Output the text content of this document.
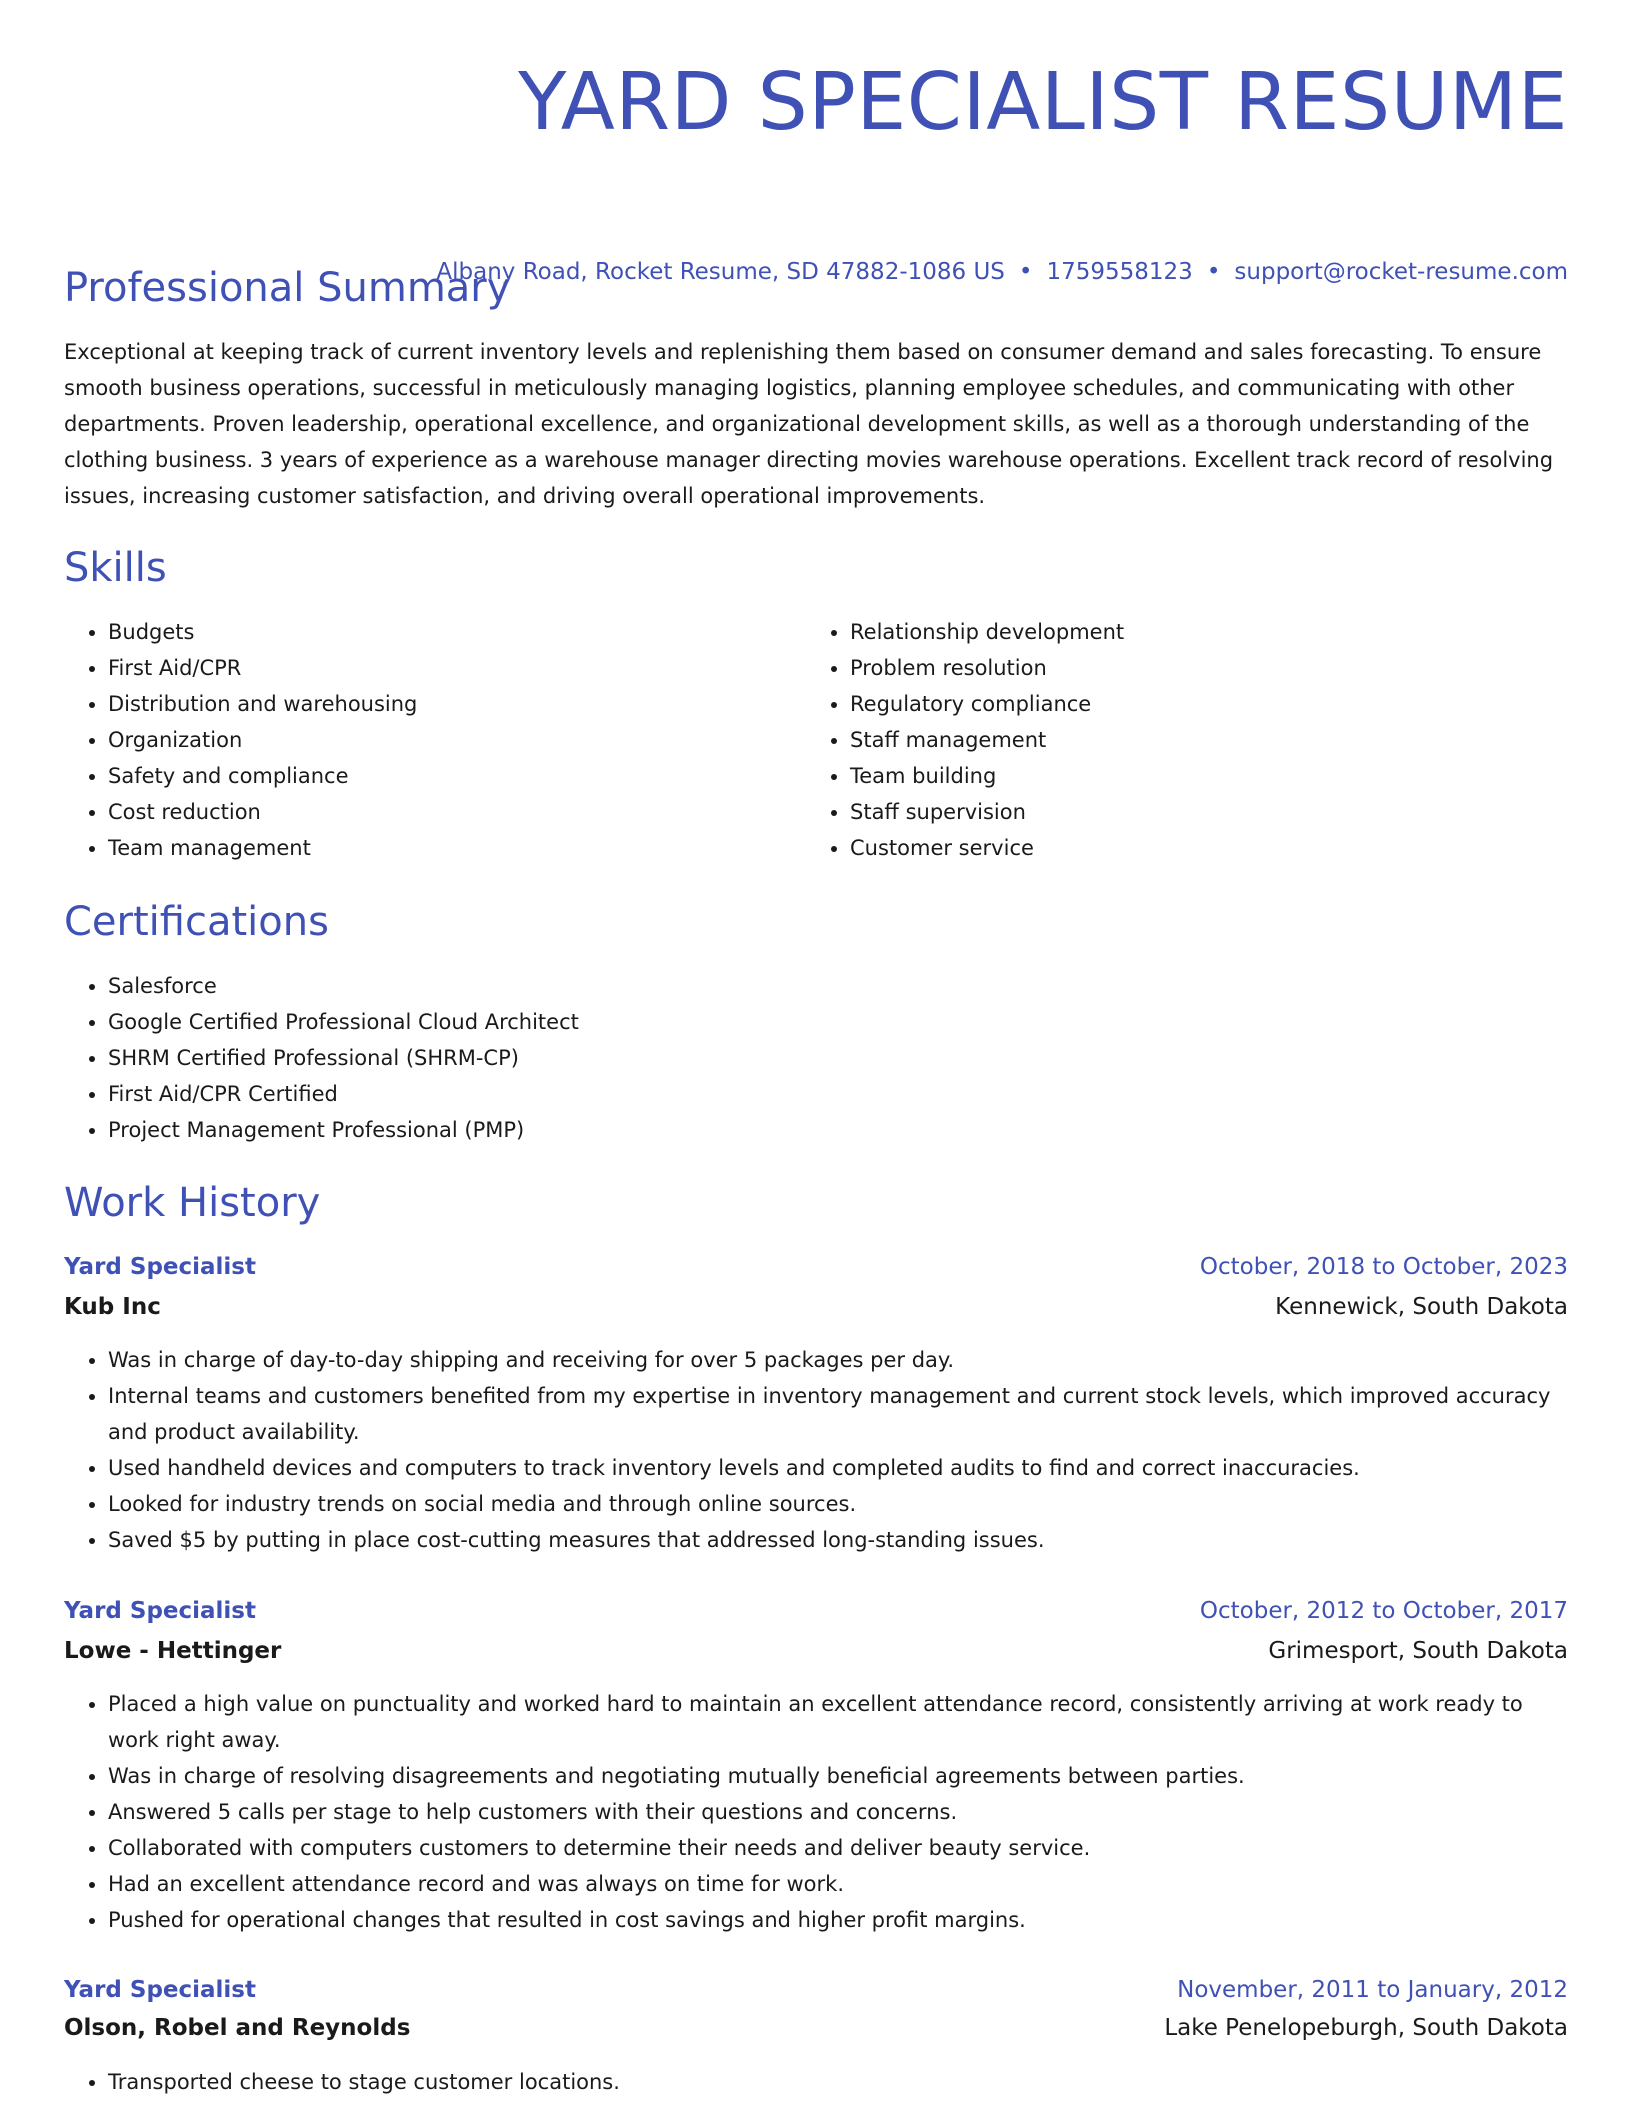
YARD SPECIALIST RESUME
Albany Road, Rocket Resume, SD 47882-1086 US • 1759558123 • support@rocket-resume.com
Professional Summary

Exceptional at keeping track of current inventory levels and replenishing them based on consumer demand and sales forecasting. To ensure smooth business operations, successful in meticulously managing logistics, planning employee schedules, and communicating with other departments. Proven leadership, operational excellence, and organizational development skills, as well as a thorough understanding of the clothing business. 3 years of experience as a warehouse manager directing movies warehouse operations. Excellent track record of resolving issues, increasing customer satisfaction, and driving overall operational improvements.

Skills
• Budgets
• First Aid/CPR
• Distribution and warehousing
• Organization
• Safety and compliance
• Cost reduction
• Team management
• Relationship development
• Problem resolution
• Regulatory compliance
• Staff management
• Team building
• Staff supervision
• Customer service
Certifications
• Salesforce
• Google Certified Professional Cloud Architect
• SHRM Certified Professional (SHRM-CP)
• First Aid/CPR Certified
• Project Management Professional (PMP)
Work History
Yard Specialist	October, 2018 to October, 2023
Kub Inc	Kennewick, South Dakota
• Was in charge of day-to-day shipping and receiving for over 5 packages per day.
• Internal teams and customers benefited from my expertise in inventory management and current stock levels, which improved accuracy and product availability.
• Used handheld devices and computers to track inventory levels and completed audits to find and correct inaccuracies.
• Looked for industry trends on social media and through online sources.
• Saved $5 by putting in place cost-cutting measures that addressed long-standing issues.
Yard Specialist	October, 2012 to October, 2017
Lowe - Hettinger	Grimesport, South Dakota
• Placed a high value on punctuality and worked hard to maintain an excellent attendance record, consistently arriving at work ready to work right away.
• Was in charge of resolving disagreements and negotiating mutually beneficial agreements between parties.
• Answered 5 calls per stage to help customers with their questions and concerns.
• Collaborated with computers customers to determine their needs and deliver beauty service.
• Had an excellent attendance record and was always on time for work.
• Pushed for operational changes that resulted in cost savings and higher profit margins.
Yard Specialist	November, 2011 to January, 2012
Olson, Robel and Reynolds	Lake Penelopeburgh, South Dakota
• Transported cheese to stage customer locations.
